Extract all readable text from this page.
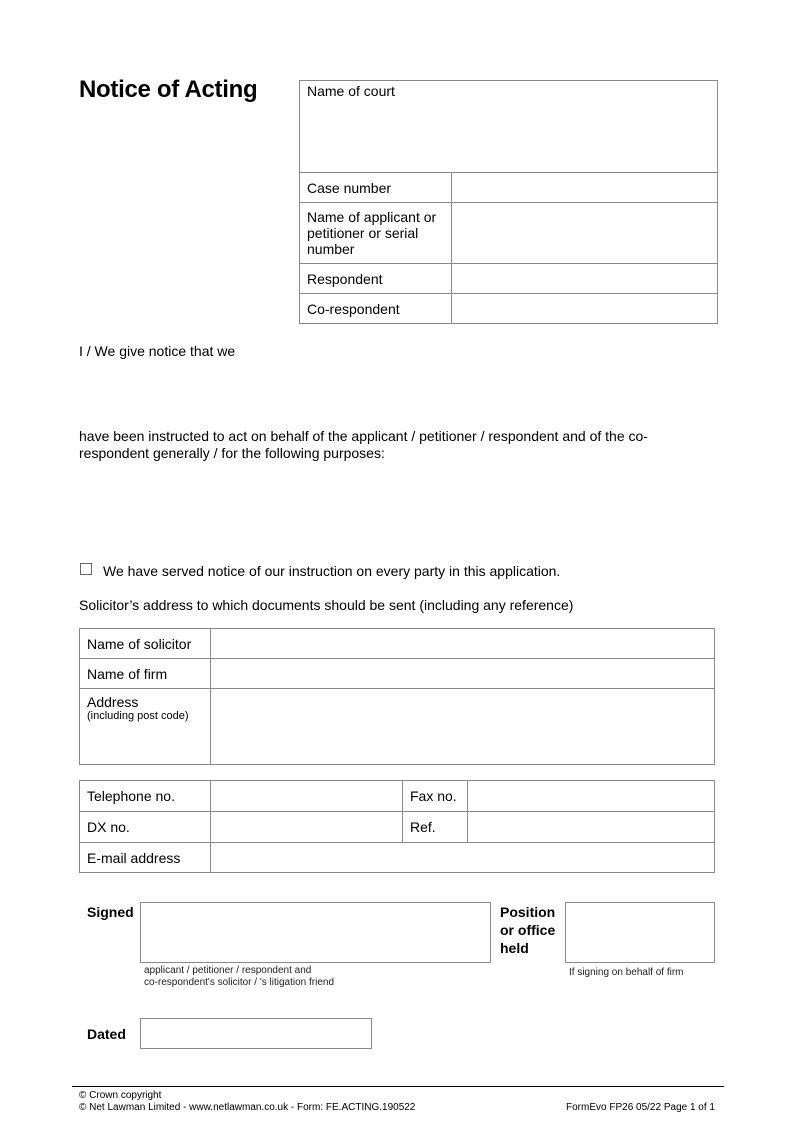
Notice of Acting	Name of court	
Case number	
Name of applicant or petitioner or serial number	
Respondent	
Co-respondent	
I / We give notice that we
have been instructed to act on behalf of the applicant / petitioner / respondent and of the co-respondent generally / for the following purposes:
We have served notice of our instruction on every party in this application.
Solicitor’s address to which documents should be sent (including any reference)
Name of solicitor	
Name of firm	

Address
(including post code)	

Telephone no.		Fax no.	
DX no.		Ref.	
E-mail address			
Signed
applicant / petitioner / respondent and
co-respondent's solicitor / 's litigation friend
Position
or office
held
If signing on behalf of firm
Dated
© Crown copyright
© Net Lawman Limited - www.netlawman.co.uk - Form: FE.ACTING.190522	FormEvo FP26 05/22 Page 1 of 1
